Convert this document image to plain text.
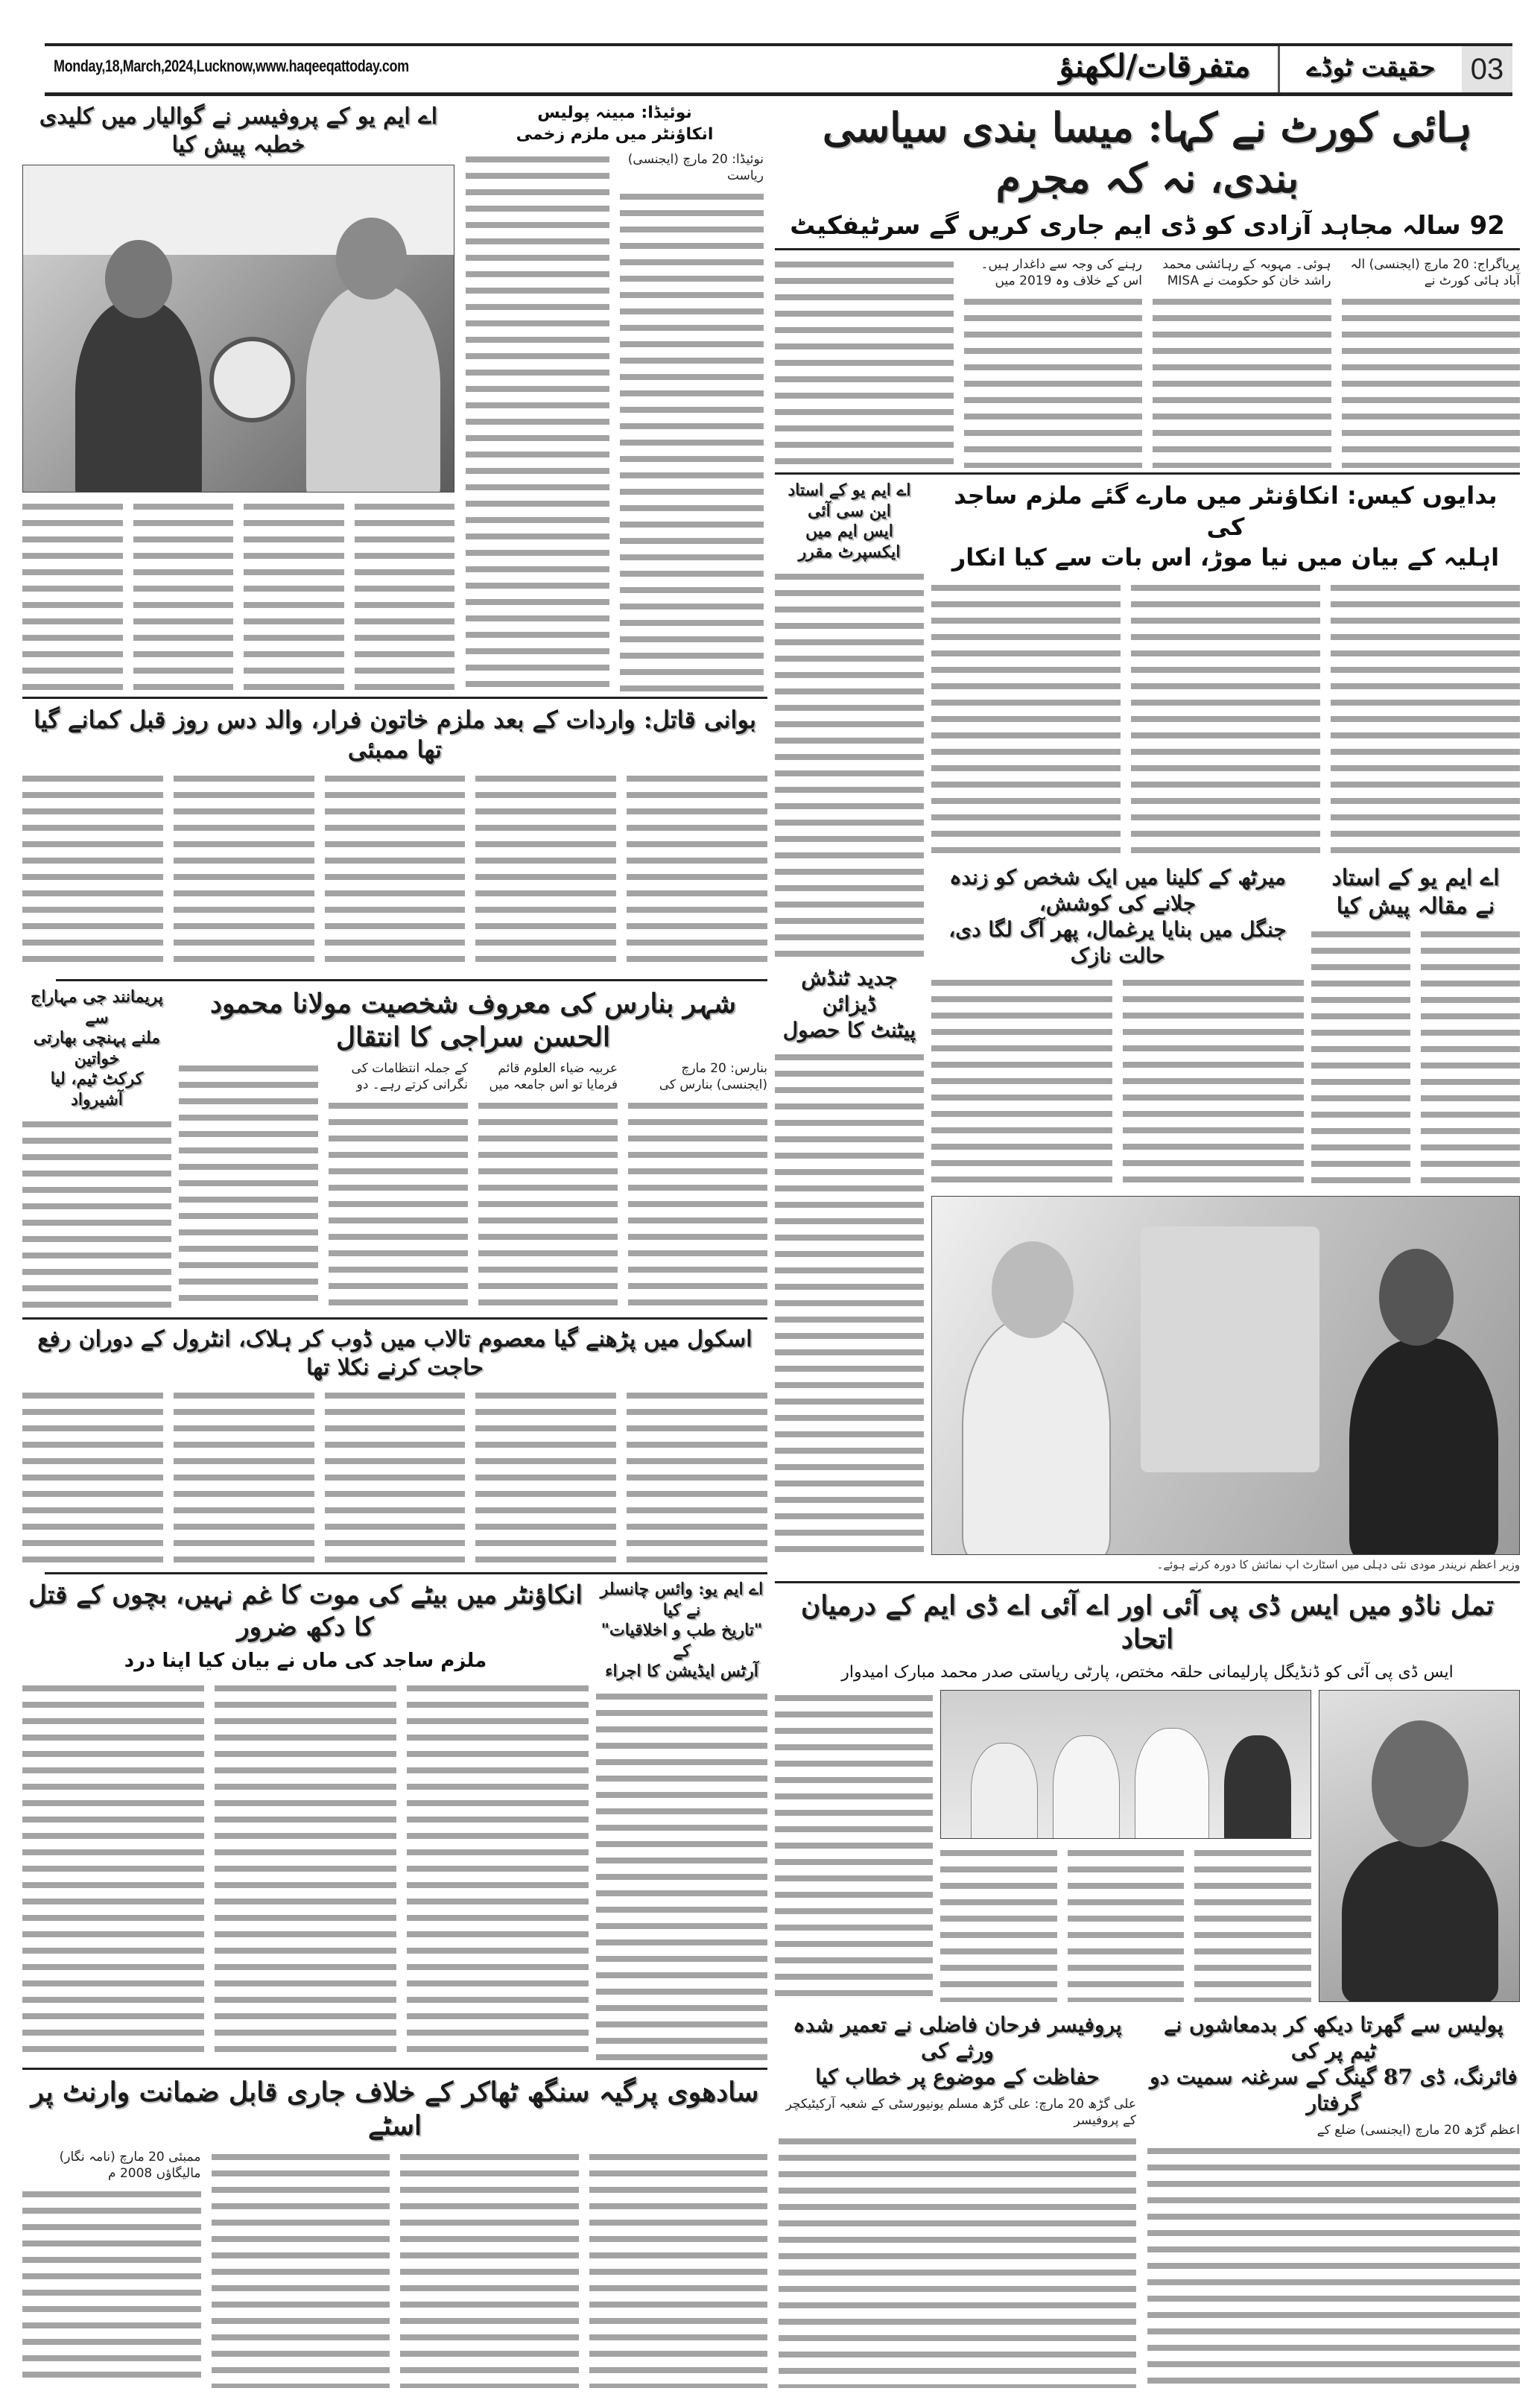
Monday,18,March,2024,Lucknow,www.haqeeqattoday.com	متفرقات/لکھنؤ	حقیقت ٹوڈے	03
ہائی کورٹ نے کہا: میسا بندی سیاسی بندی، نہ کہ مجرم
92 سالہ مجاہد آزادی کو ڈی ایم جاری کریں گے سرٹیفکیٹ
پریاگراج: 20 مارچ (ایجنسی) الہ آباد ہائی کورٹ نے
ہوئی۔ مہوبہ کے رہائشی محمد راشد خان کو حکومت نے MISA
رہنے کی وجہ سے داغدار ہیں۔ اس کے خلاف وہ 2019 میں
اے ایم یو کے پروفیسر نے گوالیار میں کلیدی خطبہ پیش کیا
نوئیڈا: مبینہ پولیس
انکاؤنٹر میں ملزم زخمی
نوئیڈا: 20 مارچ (ایجنسی) ریاست
بدایوں کیس: انکاؤنٹر میں مارے گئے ملزم ساجد کی
اہلیہ کے بیان میں نیا موڑ، اس بات سے کیا انکار
اے ایم یو کے استاد این سی آئی
ایس ایم میں ایکسپرٹ مقرر
بوانی قاتل: واردات کے بعد ملزم خاتون فرار، والد دس روز قبل کمانے گیا تھا ممبئی
میرٹھ کے کلینا میں ایک شخص کو زندہ جلانے کی کوشش،
جنگل میں بنایا یرغمال، پھر آگ لگا دی، حالت نازک
اے ایم یو کے استاد
نے مقالہ پیش کیا
جدید ٹنڈش ڈیزائن
پیٹنٹ کا حصول
وزیر اعظم نریندر مودی نئی دہلی میں اسٹارٹ اپ نمائش کا دورہ کرتے ہوئے۔
شہر بنارس کی معروف شخصیت مولانا محمود الحسن سراجی کا انتقال
بنارس: 20 مارچ (ایجنسی) بنارس کی
عربیہ ضیاء العلوم قائم فرمایا تو اس جامعہ میں
کے جملہ انتظامات کی نگرانی کرتے رہے۔ دو
پریمانند جی مہاراج سے
ملنے پہنچی بھارتی خواتین
کرکٹ ٹیم، لیا آشیرواد
اسکول میں پڑھنے گیا معصوم تالاب میں ڈوب کر ہلاک، انٹرول کے دوران رفع حاجت کرنے نکلا تھا
انکاؤنٹر میں بیٹے کی موت کا غم نہیں، بچوں کے قتل کا دکھ ضرور
ملزم ساجد کی ماں نے بیان کیا اپنا درد
اے ایم یو: وائس چانسلر نے کیا
"تاریخ طب و اخلاقیات" کے
آرٹس ایڈیشن کا اجراء
تمل ناڈو میں ایس ڈی پی آئی اور اے آئی اے ڈی ایم کے درمیان اتحاد
ایس ڈی پی آئی کو ڈنڈیگل پارلیمانی حلقہ مختص، پارٹی ریاستی صدر محمد مبارک امیدوار
سادھوی پرگیہ سنگھ ٹھاکر کے خلاف جاری قابل ضمانت وارنٹ پر اسٹے
ممبئی 20 مارچ (نامہ نگار) مالیگاؤں 2008 م
پروفیسر فرحان فاضلی نے تعمیر شدہ ورثے کی
حفاظت کے موضوع پر خطاب کیا
علی گڑھ 20 مارچ: علی گڑھ مسلم یونیورسٹی کے شعبہ آرکیٹیکچر کے پروفیسر
پولیس سے گھرتا دیکھ کر بدمعاشوں نے ٹیم پر کی
فائرنگ، ڈی 87 گینگ کے سرغنہ سمیت دو گرفتار
اعظم گڑھ 20 مارچ (ایجنسی) ضلع کے
